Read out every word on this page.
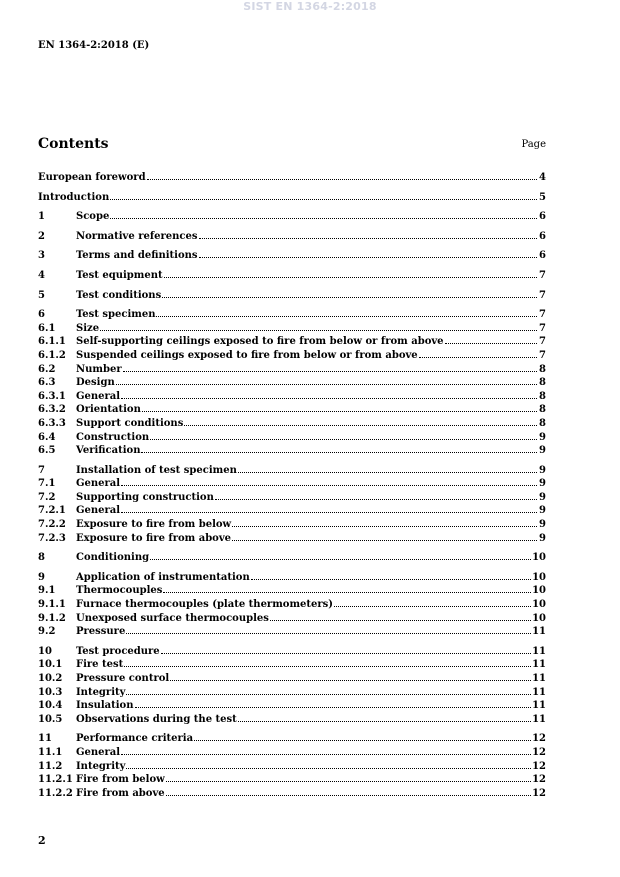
SIST EN 1364-2:2018
EN 1364-2:2018 (E)
Contents	Page
European foreword	4
Introduction	5
1	Scope	6
2	Normative references	6
3	Terms and definitions	6
4	Test equipment	7
5	Test conditions	7
6	Test specimen	7
6.1	Size	7
6.1.1	Self-supporting ceilings exposed to fire from below or from above	7
6.1.2	Suspended ceilings exposed to fire from below or from above	7
6.2	Number	8
6.3	Design	8
6.3.1	General	8
6.3.2	Orientation	8
6.3.3	Support conditions	8
6.4	Construction	9
6.5	Verification	9
7	Installation of test specimen	9
7.1	General	9
7.2	Supporting construction	9
7.2.1	General	9
7.2.2	Exposure to fire from below	9
7.2.3	Exposure to fire from above	9
8	Conditioning	10
9	Application of instrumentation	10
9.1	Thermocouples	10
9.1.1	Furnace thermocouples (plate thermometers)	10
9.1.2	Unexposed surface thermocouples	10
9.2	Pressure	11
10	Test procedure	11
10.1	Fire test	11
10.2	Pressure control	11
10.3	Integrity	11
10.4	Insulation	11
10.5	Observations during the test	11
11	Performance criteria	12
11.1	General	12
11.2	Integrity	12
11.2.1 Fire from below	12
11.2.2 Fire from above	12
2
